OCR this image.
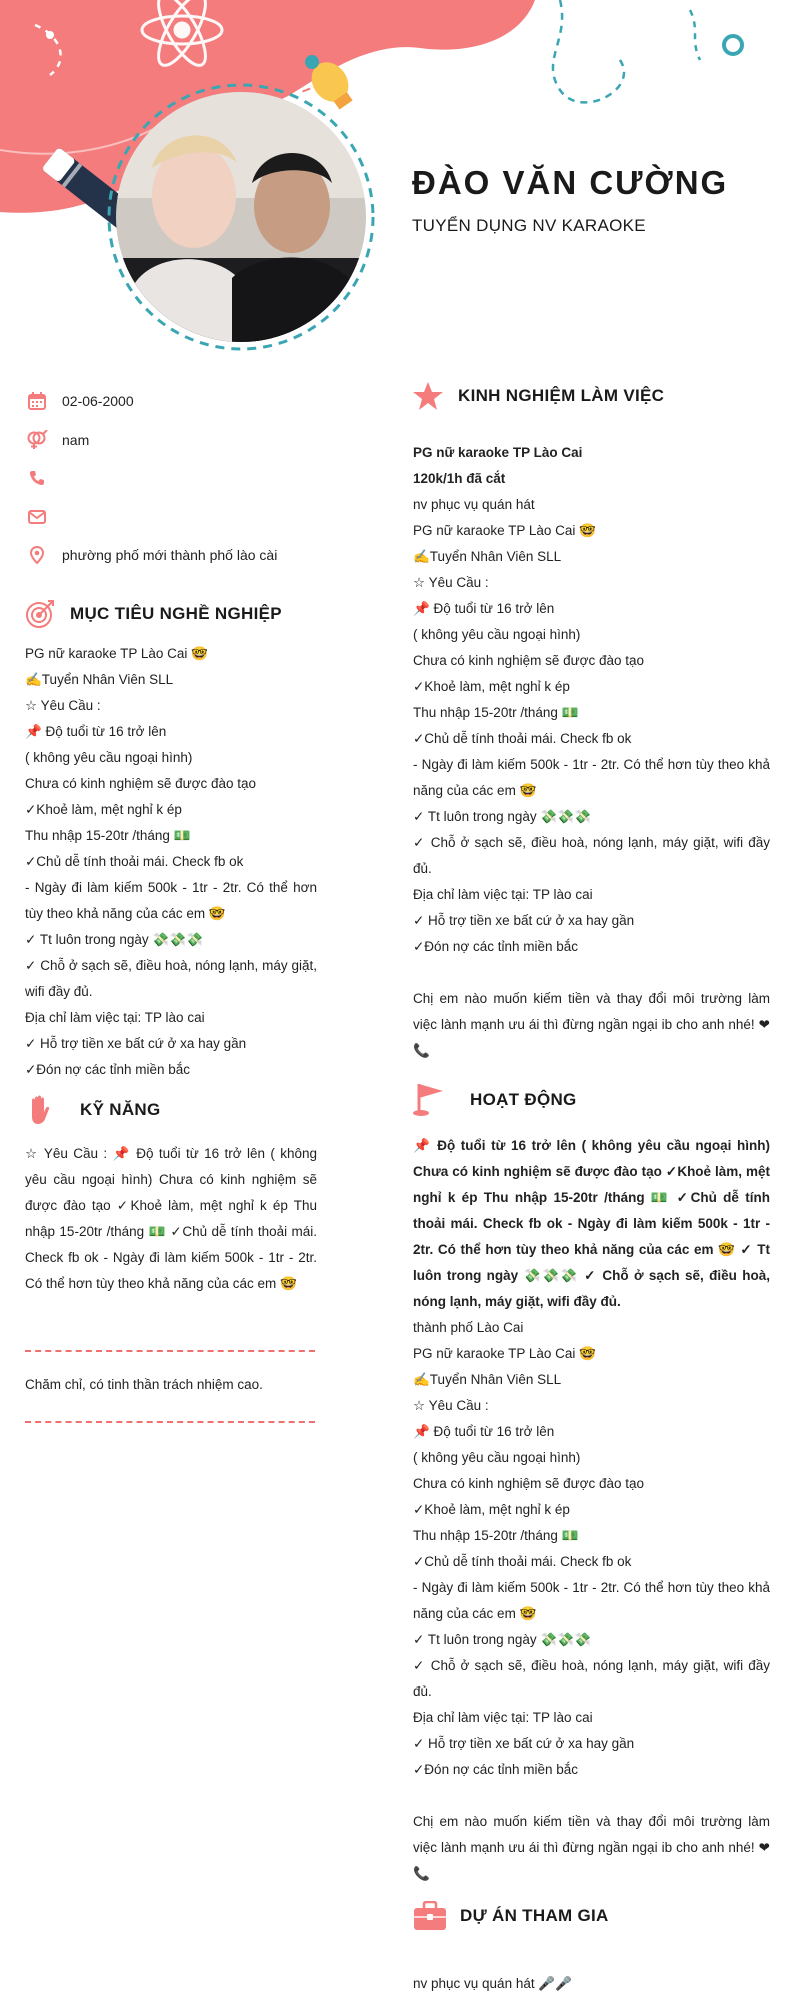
ĐÀO VĂN CƯỜNG
TUYỂN DỤNG NV KARAOKE
02-06-2000
nam
phường phố mới thành phố lào cài
MỤC TIÊU NGHỀ NGHIỆP

PG nữ karaoke TP Lào Cai 🤓

✍Tuyển Nhân Viên SLL

☆ Yêu Cầu :

📌 Độ tuổi từ 16 trở lên

( không yêu cầu ngoại hình)

Chưa có kinh nghiệm sẽ được đào tạo

✓Khoẻ làm, mệt nghỉ k ép

Thu nhập 15-20tr /tháng 💵

✓Chủ dễ tính thoải mái. Check fb ok

- Ngày đi làm kiếm 500k - 1tr - 2tr. Có thể hơn tùy theo khả năng của các em 🤓

✓ Tt luôn trong ngày 💸💸💸

✓ Chỗ ở sạch sẽ, điều hoà, nóng lạnh, máy giặt, wifi đầy đủ.

Địa chỉ làm việc tại: TP lào cai

✓ Hỗ trợ tiền xe bất cứ ở xa hay gần

✓Đón nợ các tỉnh miền bắc

KỸ NĂNG
☆ Yêu Cầu : 📌 Độ tuổi từ 16 trở lên ( không yêu cầu ngoại hình) Chưa có kinh nghiệm sẽ được đào tạo ✓Khoẻ làm, mệt nghỉ k ép Thu nhập 15-20tr /tháng 💵 ✓Chủ dễ tính thoải mái. Check fb ok - Ngày đi làm kiếm 500k - 1tr - 2tr. Có thể hơn tùy theo khả năng của các em 🤓
Chăm chỉ, có tinh thần trách nhiệm cao.
KINH NGHIỆM LÀM VIỆC

PG nữ karaoke TP Lào Cai

120k/1h đã cắt

nv phục vụ quán hát

PG nữ karaoke TP Lào Cai 🤓

✍Tuyển Nhân Viên SLL

☆ Yêu Cầu :

📌 Độ tuổi từ 16 trở lên

( không yêu cầu ngoại hình)

Chưa có kinh nghiệm sẽ được đào tạo

✓Khoẻ làm, mệt nghỉ k ép

Thu nhập 15-20tr /tháng 💵

✓Chủ dễ tính thoải mái. Check fb ok

- Ngày đi làm kiếm 500k - 1tr - 2tr. Có thể hơn tùy theo khả năng của các em 🤓

✓ Tt luôn trong ngày 💸💸💸

✓ Chỗ ở sạch sẽ, điều hoà, nóng lạnh, máy giặt, wifi đầy đủ.

Địa chỉ làm việc tại: TP lào cai

✓ Hỗ trợ tiền xe bất cứ ở xa hay gần

✓Đón nợ các tỉnh miền bắc

Chị em nào muốn kiếm tiền và thay đổi môi trường làm việc lành mạnh ưu ái thì đừng ngần ngại ib cho anh nhé! ❤📞

HOẠT ĐỘNG

📌 Độ tuổi từ 16 trở lên ( không yêu cầu ngoại hình) Chưa có kinh nghiệm sẽ được đào tạo ✓Khoẻ làm, mệt nghỉ k ép Thu nhập 15-20tr /tháng 💵 ✓Chủ dễ tính thoải mái. Check fb ok - Ngày đi làm kiếm 500k - 1tr - 2tr. Có thể hơn tùy theo khả năng của các em 🤓 ✓ Tt luôn trong ngày 💸💸💸 ✓ Chỗ ở sạch sẽ, điều hoà, nóng lạnh, máy giặt, wifi đầy đủ.

thành phố Lào Cai

PG nữ karaoke TP Lào Cai 🤓

✍Tuyển Nhân Viên SLL

☆ Yêu Cầu :

📌 Độ tuổi từ 16 trở lên

( không yêu cầu ngoại hình)

Chưa có kinh nghiệm sẽ được đào tạo

✓Khoẻ làm, mệt nghỉ k ép

Thu nhập 15-20tr /tháng 💵

✓Chủ dễ tính thoải mái. Check fb ok

- Ngày đi làm kiếm 500k - 1tr - 2tr. Có thể hơn tùy theo khả năng của các em 🤓

✓ Tt luôn trong ngày 💸💸💸

✓ Chỗ ở sạch sẽ, điều hoà, nóng lạnh, máy giặt, wifi đầy đủ.

Địa chỉ làm việc tại: TP lào cai

✓ Hỗ trợ tiền xe bất cứ ở xa hay gần

✓Đón nợ các tỉnh miền bắc

Chị em nào muốn kiếm tiền và thay đổi môi trường làm việc lành mạnh ưu ái thì đừng ngần ngại ib cho anh nhé! ❤📞

DỰ ÁN THAM GIA
nv phục vụ quán hát 🎤🎤
